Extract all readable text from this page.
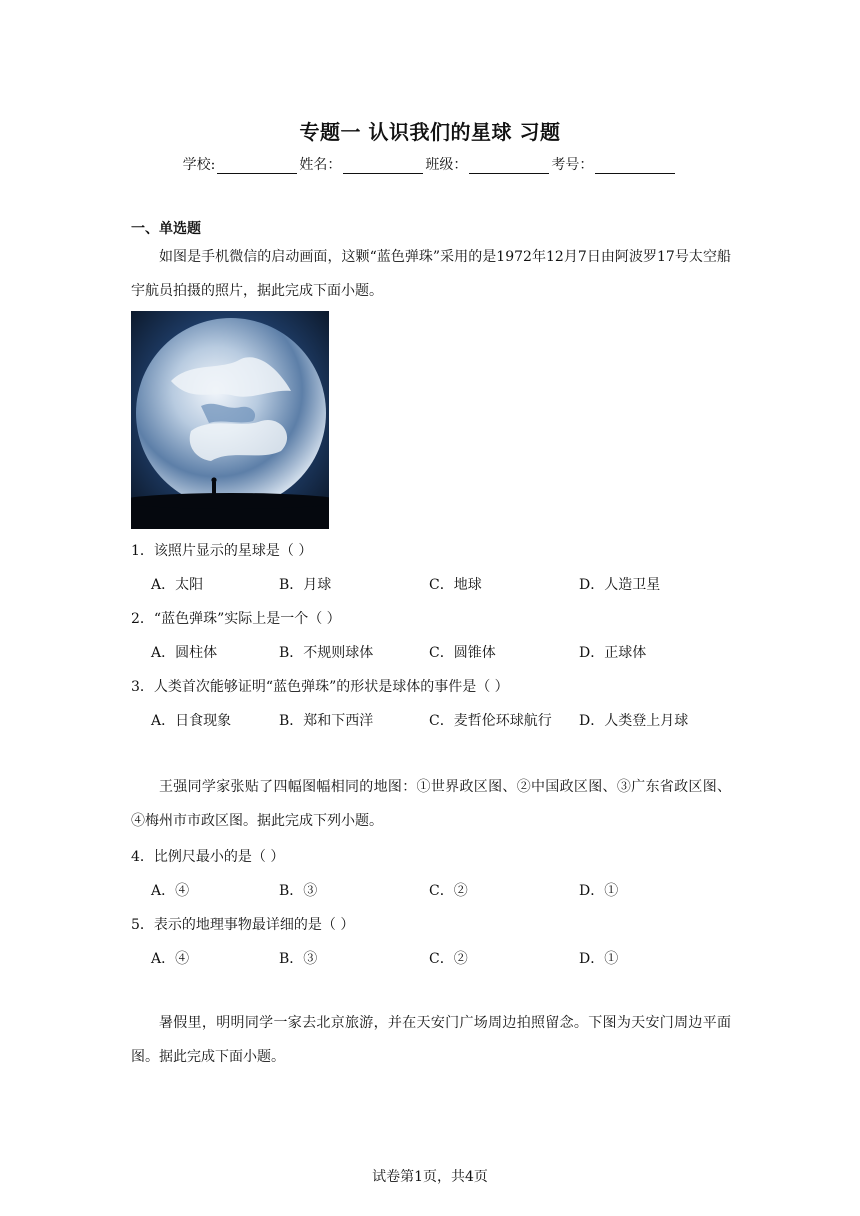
专题一 认识我们的星球 习题
学校:	姓名：	班级：	考号：
一、单选题
如图是手机微信的启动画面，这颗“蓝色弹珠”采用的是1972年12月7日由阿波罗17号太空船宇航员拍摄的照片，据此完成下面小题。
1．该照片显示的星球是（ ）
A．太阳	B．月球	C．地球	D．人造卫星
2．“蓝色弹珠”实际上是一个（ ）
A．圆柱体	B．不规则球体	C．圆锥体	D．正球体
3．人类首次能够证明“蓝色弹珠”的形状是球体的事件是（ ）
A．日食现象	B．郑和下西洋	C．麦哲伦环球航行 D．人类登上月球
王强同学家张贴了四幅图幅相同的地图：①世界政区图、②中国政区图、③广东省政区图、④梅州市市政区图。据此完成下列小题。
4．比例尺最小的是（ ）
A．④	B．③	C．②	D．①
5．表示的地理事物最详细的是（ ）
A．④	B．③	C．②	D．①
暑假里，明明同学一家去北京旅游，并在天安门广场周边拍照留念。下图为天安门周边平面图。据此完成下面小题。
试卷第1页，共4页
